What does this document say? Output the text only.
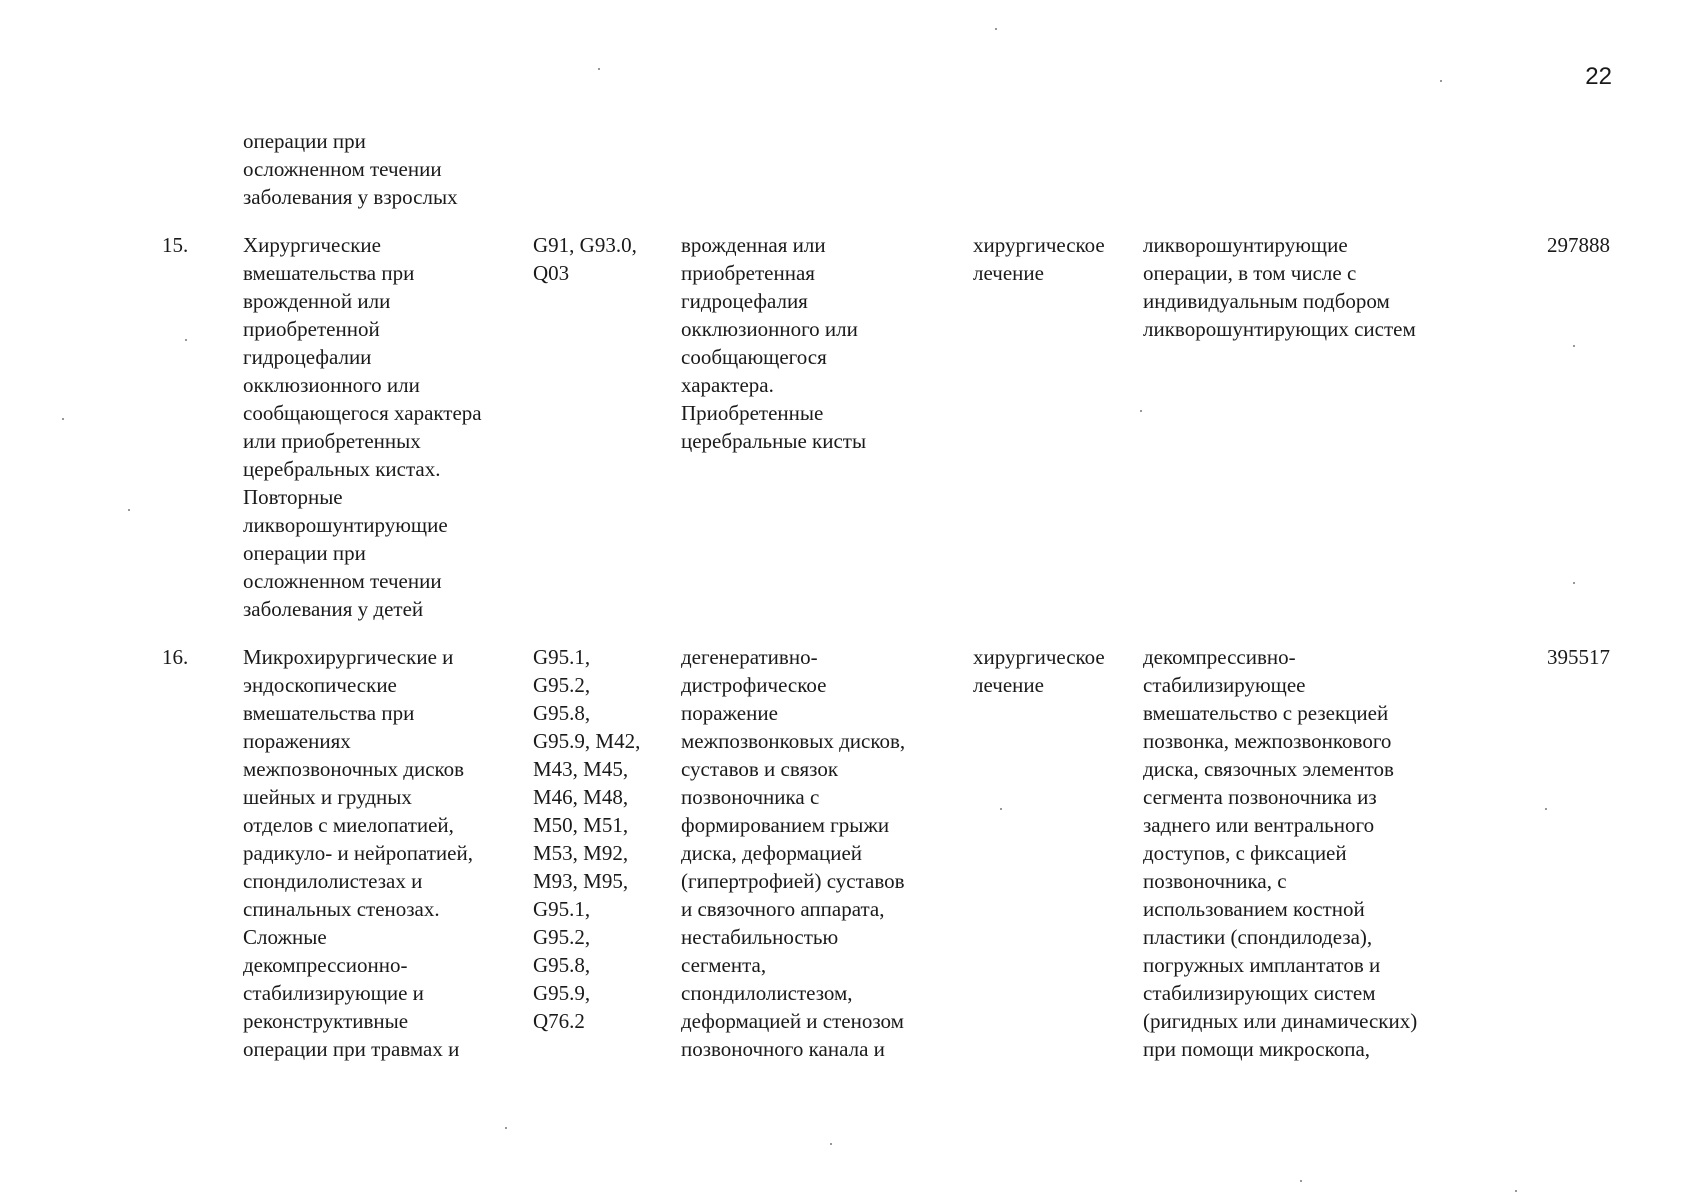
22
операции при
осложненном течении
заболевания у взрослых
15.	Хирургические
вмешательства при
врожденной или
приобретенной
гидроцефалии
окклюзионного или
сообщающегося характера
или приобретенных
церебральных кистах.
Повторные
ликворошунтирующие
операции при
осложненном течении
заболевания у детей
G91, G93.0,
Q03
врожденная или
приобретенная
гидроцефалия
окклюзионного или
сообщающегося
характера.
Приобретенные
церебральные кисты
хирургическое
лечение
ликворошунтирующие
операции, в том числе с
индивидуальным подбором
ликворошунтирующих систем
297888
16.	Микрохирургические и
эндоскопические
вмешательства при
поражениях
межпозвоночных дисков
шейных и грудных
отделов с миелопатией,
радикуло- и нейропатией,
спондилолистезах и
спинальных стенозах.
Сложные
декомпрессионно-
стабилизирующие и
реконструктивные
операции при травмах и
G95.1,
G95.2,
G95.8,
G95.9, M42,
M43, M45,
M46, M48,
M50, M51,
M53, M92,
M93, M95,
G95.1,
G95.2,
G95.8,
G95.9,
Q76.2
дегенеративно-
дистрофическое
поражение
межпозвонковых дисков,
суставов и связок
позвоночника с
формированием грыжи
диска, деформацией
(гипертрофией) суставов
и связочного аппарата,
нестабильностью
сегмента,
спондилолистезом,
деформацией и стенозом
позвоночного канала и
хирургическое
лечение
декомпрессивно-
стабилизирующее
вмешательство с резекцией
позвонка, межпозвонкового
диска, связочных элементов
сегмента позвоночника из
заднего или вентрального
доступов, с фиксацией
позвоночника, с
использованием костной
пластики (спондилодеза),
погружных имплантатов и
стабилизирующих систем
(ригидных или динамических)
при помощи микроскопа,
395517
